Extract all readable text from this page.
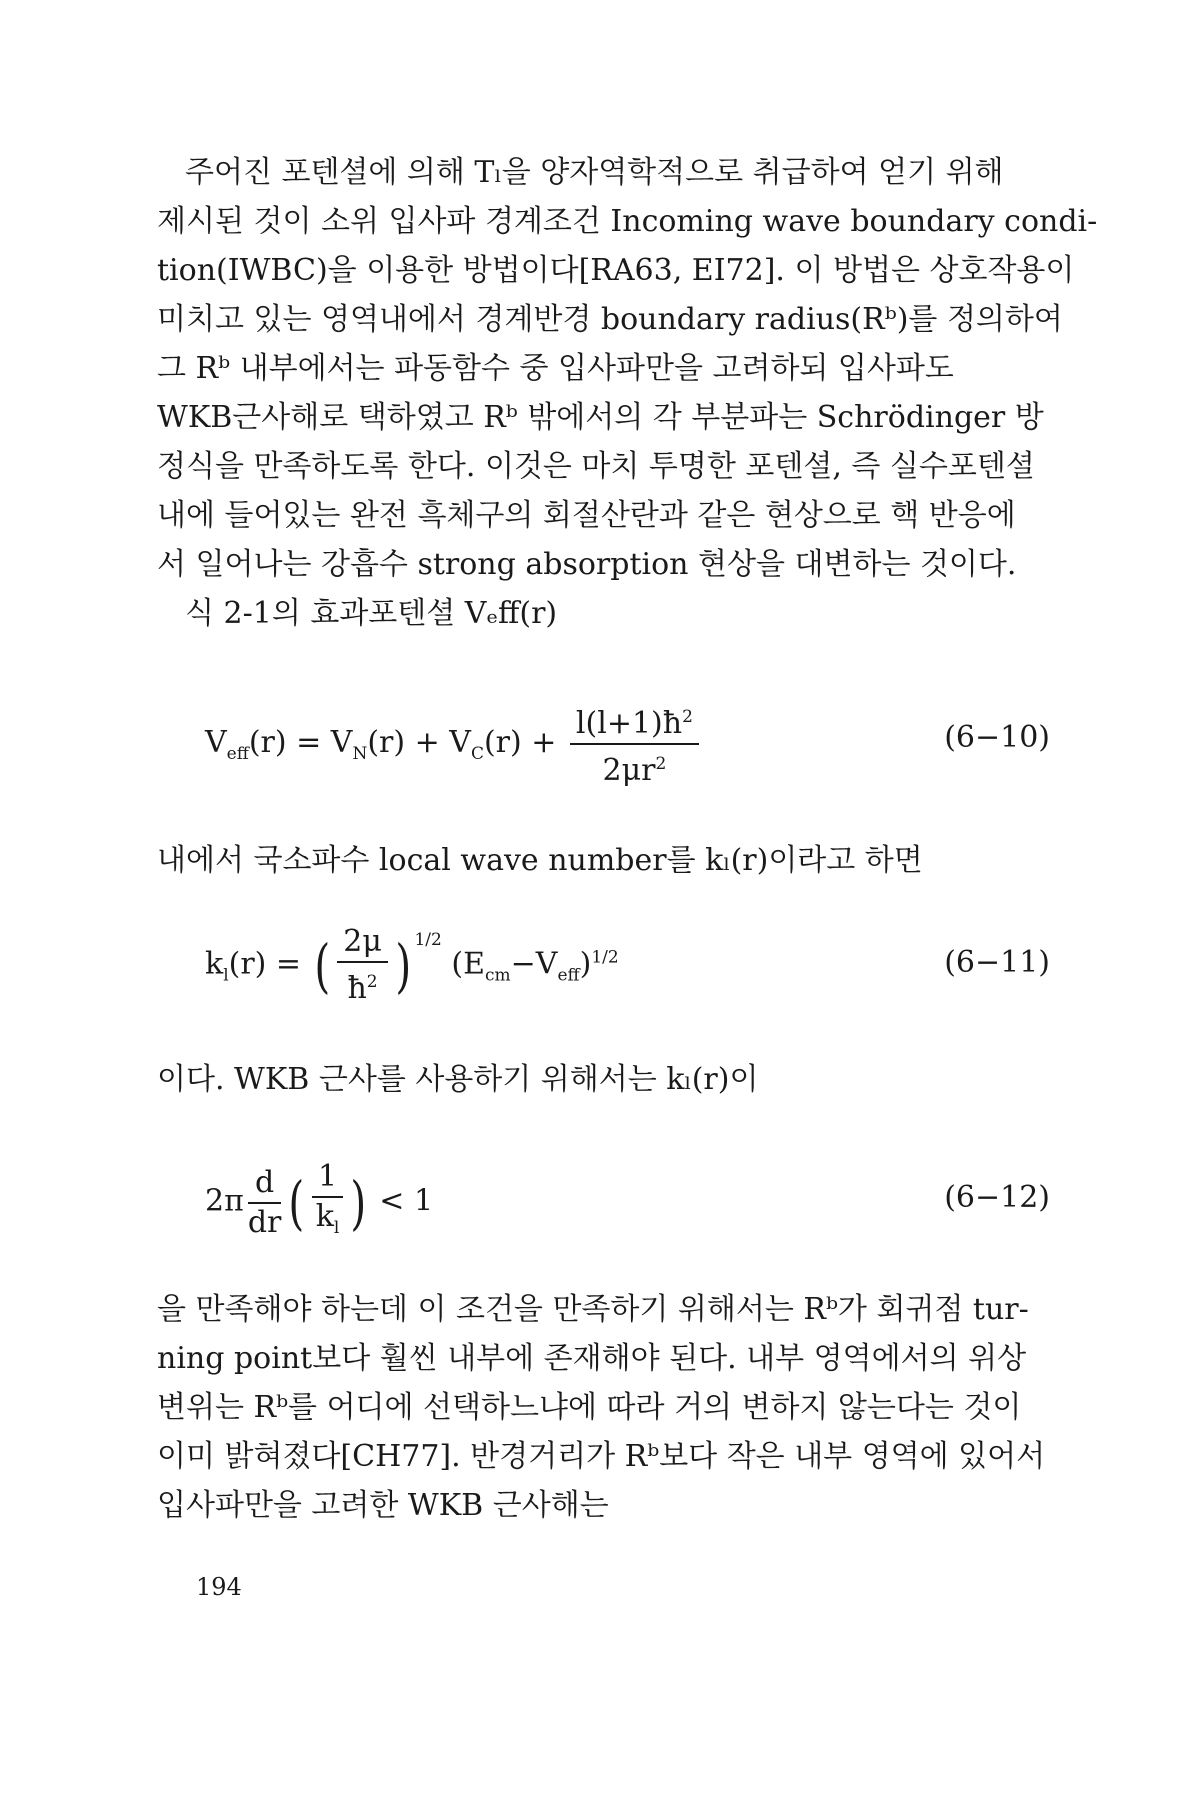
주어진 포텐셜에 의해 Tₗ을 양자역학적으로 취급하여 얻기 위해
제시된 것이 소위 입사파 경계조건 Incoming wave boundary condi-
tion(IWBC)을 이용한 방법이다[RA63, EI72]. 이 방법은 상호작용이
미치고 있는 영역내에서 경계반경 boundary radius(Rᵇ)를 정의하여
그 Rᵇ 내부에서는 파동함수 중 입사파만을 고려하되 입사파도
WKB근사해로 택하였고 Rᵇ 밖에서의 각 부분파는 Schrödinger 방
정식을 만족하도록 한다. 이것은 마치 투명한 포텐셜, 즉 실수포텐셜
내에 들어있는 완전 흑체구의 회절산란과 같은 현상으로 핵 반응에
서 일어나는 강흡수 strong absorption 현상을 대변하는 것이다.
식 2-1의 효과포텐셜 Vₑff(r)
$V_{eff}(r) = V_N(r) + V_C(r) + \frac{l(l+1)ħ^2}{2\mu r^2}$	(6−10)
내에서 국소파수 local wave number를 kₗ(r)이라고 하면
$k_l(r)$ = ( $\frac{2\mu}{ħ^2}$ ) $^{1/2}$ $(E_{cm}-V_{eff})^{1/2}$	(6−11)
이다. WKB 근사를 사용하기 위해서는 kₗ(r)이
$2\pi \frac{d}{dr}$ ( $\frac{1}{k_l}$ ) < 1	(6−12)
을 만족해야 하는데 이 조건을 만족하기 위해서는 Rᵇ가 회귀점 tur-
ning point보다 훨씬 내부에 존재해야 된다. 내부 영역에서의 위상
변위는 Rᵇ를 어디에 선택하느냐에 따라 거의 변하지 않는다는 것이
이미 밝혀졌다[CH77]. 반경거리가 Rᵇ보다 작은 내부 영역에 있어서
입사파만을 고려한 WKB 근사해는
194
